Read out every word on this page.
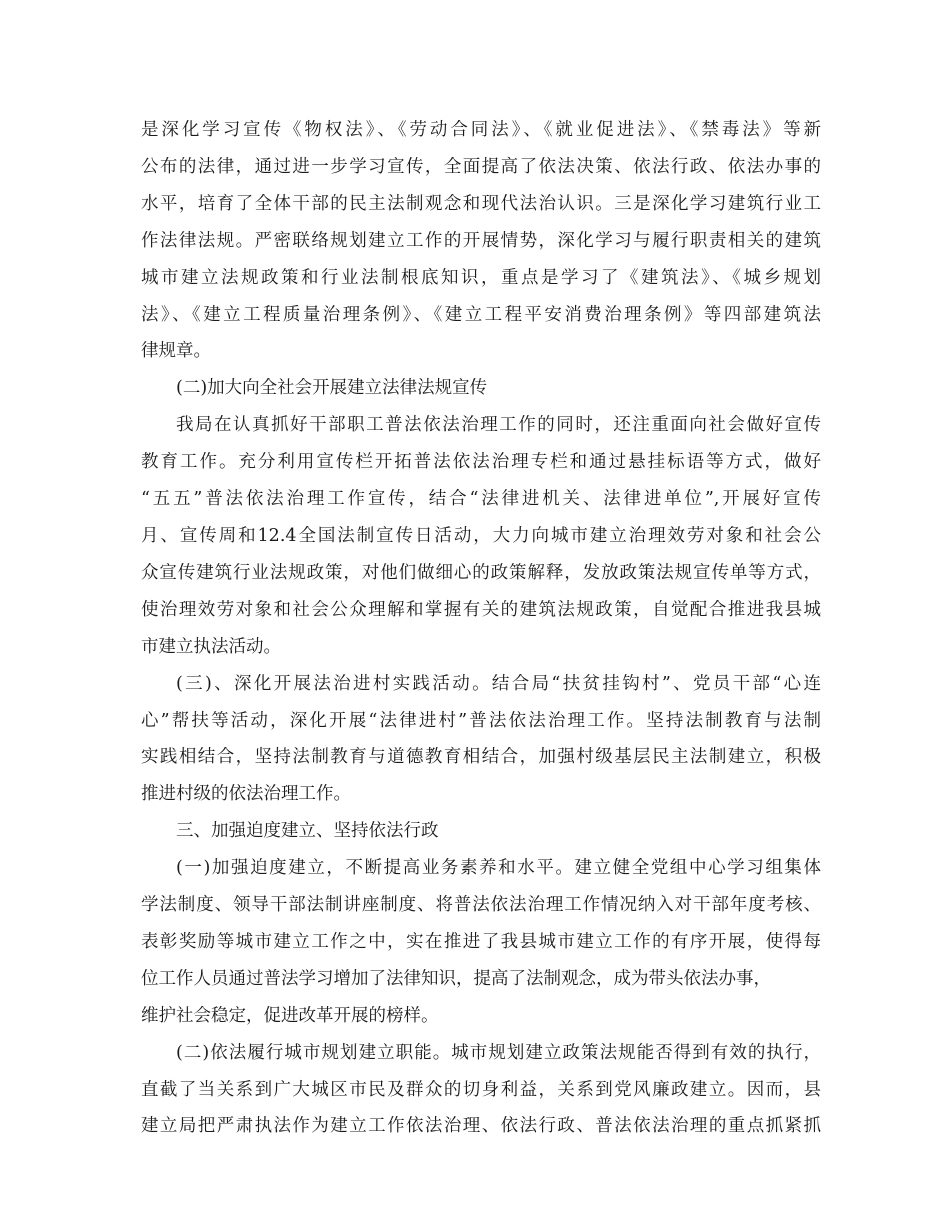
是深化学习宣传《物权法》、《劳动合同法》、《就业促进法》、《禁毒法》等新
公布的法律，通过进一步学习宣传，全面提高了依法决策、依法行政、依法办事的
水平，培育了全体干部的民主法制观念和现代法治认识。三是深化学习建筑行业工
作法律法规。严密联络规划建立工作的开展情势，深化学习与履行职责相关的建筑
城市建立法规政策和行业法制根底知识，重点是学习了《建筑法》、《城乡规划
法》、《建立工程质量治理条例》、《建立工程平安消费治理条例》等四部建筑法
律规章。
(二)加大向全社会开展建立法律法规宣传
我局在认真抓好干部职工普法依法治理工作的同时，还注重面向社会做好宣传
教育工作。充分利用宣传栏开拓普法依法治理专栏和通过悬挂标语等方式，做好
“五五”普法依法治理工作宣传，结合“法律进机关、法律进单位”,开展好宣传
月、宣传周和12.4全国法制宣传日活动，大力向城市建立治理效劳对象和社会公
众宣传建筑行业法规政策，对他们做细心的政策解释，发放政策法规宣传单等方式，
使治理效劳对象和社会公众理解和掌握有关的建筑法规政策，自觉配合推进我县城
市建立执法活动。
(三)、深化开展法治进村实践活动。结合局“扶贫挂钩村”、党员干部“心连
心”帮扶等活动，深化开展“法律进村”普法依法治理工作。坚持法制教育与法制
实践相结合，坚持法制教育与道德教育相结合，加强村级基层民主法制建立，积极
推进村级的依法治理工作。
三、加强迫度建立、坚持依法行政
(一)加强迫度建立，不断提高业务素养和水平。建立健全党组中心学习组集体
学法制度、领导干部法制讲座制度、将普法依法治理工作情况纳入对干部年度考核、
表彰奖励等城市建立工作之中，实在推进了我县城市建立工作的有序开展，使得每
位工作人员通过普法学习增加了法律知识，提高了法制观念，成为带头依法办事，
维护社会稳定，促进改革开展的榜样。
(二)依法履行城市规划建立职能。城市规划建立政策法规能否得到有效的执行，
直截了当关系到广大城区市民及群众的切身利益，关系到党风廉政建立。因而，县
建立局把严肃执法作为建立工作依法治理、依法行政、普法依法治理的重点抓紧抓
